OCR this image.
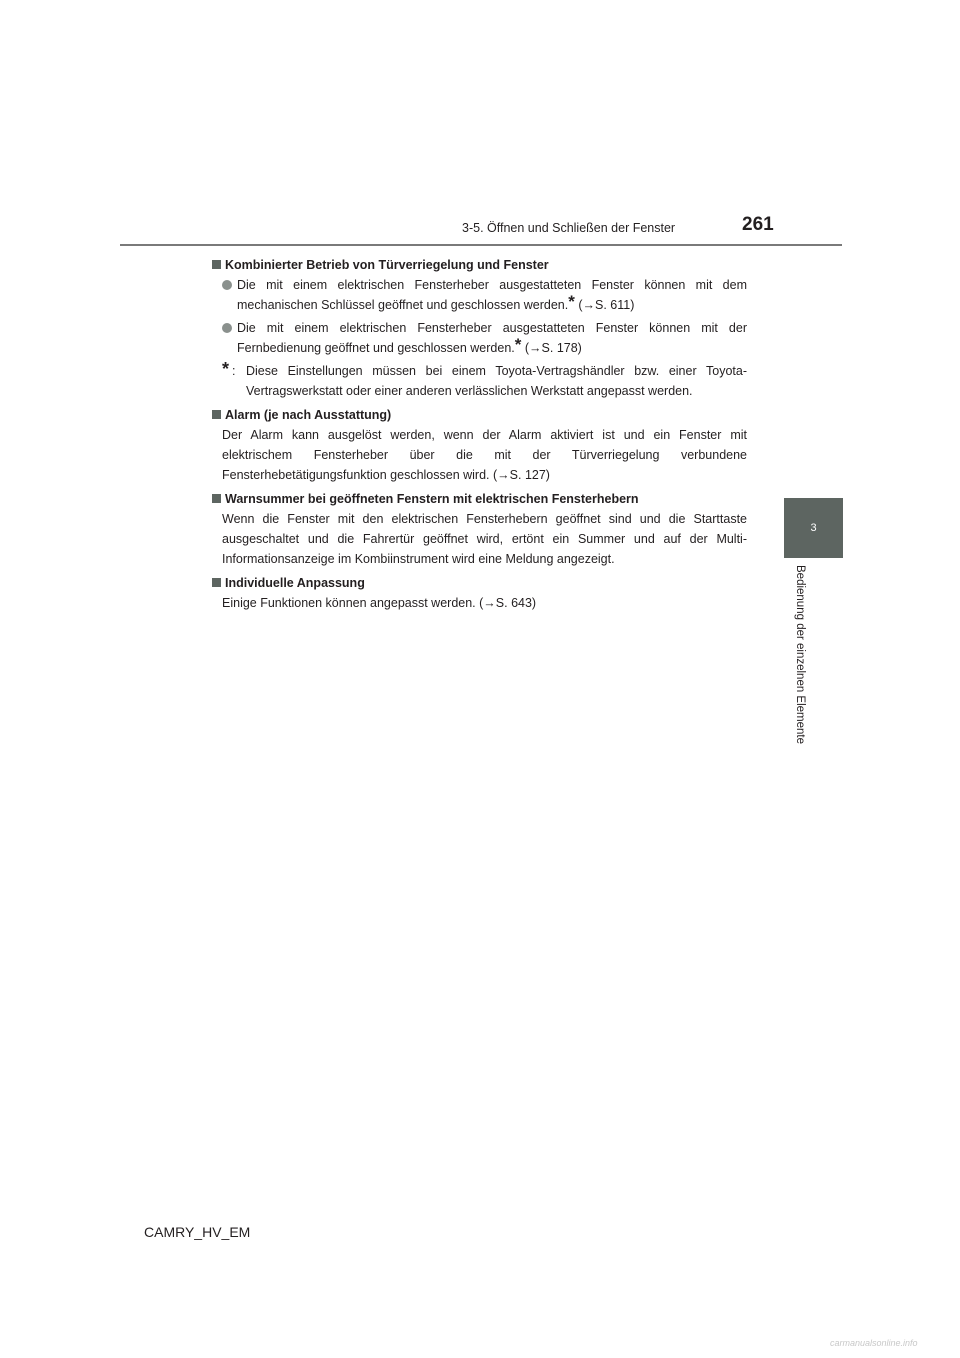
3-5. Öffnen und Schließen der Fenster	261
3
Bedienung der einzelnen Elemente
Kombinierter Betrieb von Türverriegelung und Fenster
Die mit einem elektrischen Fensterheber ausgestatteten Fenster können mit dem mechanischen Schlüssel geöffnet und geschlossen werden.* (→S. 611)
Die mit einem elektrischen Fensterheber ausgestatteten Fenster können mit der Fernbedienung geöffnet und geschlossen werden.* (→S. 178)
* : Diese Einstellungen müssen bei einem Toyota-Vertragshändler bzw. einer Toyota-Vertragswerkstatt oder einer anderen verlässlichen Werkstatt angepasst werden.
Alarm (je nach Ausstattung)
Der Alarm kann ausgelöst werden, wenn der Alarm aktiviert ist und ein Fenster mit elektrischem Fensterheber über die mit der Türverriegelung verbundene Fensterhebetätigungsfunktion geschlossen wird. (→S. 127)
Warnsummer bei geöffneten Fenstern mit elektrischen Fensterhebern
Wenn die Fenster mit den elektrischen Fensterhebern geöffnet sind und die Starttaste ausgeschaltet und die Fahrertür geöffnet wird, ertönt ein Summer und auf der Multi-Informationsanzeige im Kombiinstrument wird eine Meldung angezeigt.
Individuelle Anpassung
Einige Funktionen können angepasst werden. (→S. 643)
CAMRY_HV_EM
carmanualsonline.info
